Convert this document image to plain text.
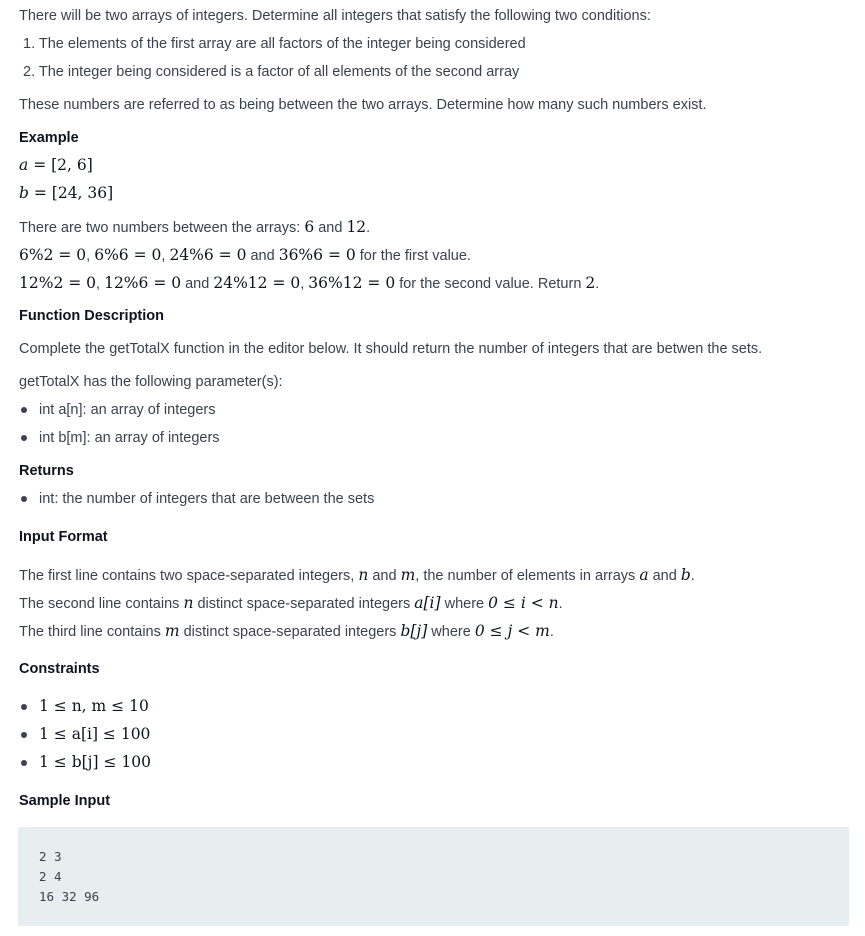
There will be two arrays of integers. Determine all integers that satisfy the following two conditions:
1. The elements of the first array are all factors of the integer being considered
2. The integer being considered is a factor of all elements of the second array
These numbers are referred to as being between the two arrays. Determine how many such numbers exist.
Example
a = [2, 6]
b = [24, 36]
There are two numbers between the arrays: 6 and 12.
6%2 = 0, 6%6 = 0, 24%6 = 0 and 36%6 = 0 for the first value.
12%2 = 0, 12%6 = 0 and 24%12 = 0, 36%12 = 0 for the second value. Return 2.
Function Description
Complete the getTotalX function in the editor below. It should return the number of integers that are betwen the sets.
getTotalX has the following parameter(s):
int a[n]: an array of integers
int b[m]: an array of integers
Returns
int: the number of integers that are between the sets
Input Format
The first line contains two space-separated integers, n and m, the number of elements in arrays a and b.
The second line contains n distinct space-separated integers a[i] where 0 ≤ i < n.
The third line contains m distinct space-separated integers b[j] where 0 ≤ j < m.
Constraints
1 ≤ n, m ≤ 10
1 ≤ a[i] ≤ 100
1 ≤ b[j] ≤ 100
Sample Input
2 3
2 4
16 32 96
